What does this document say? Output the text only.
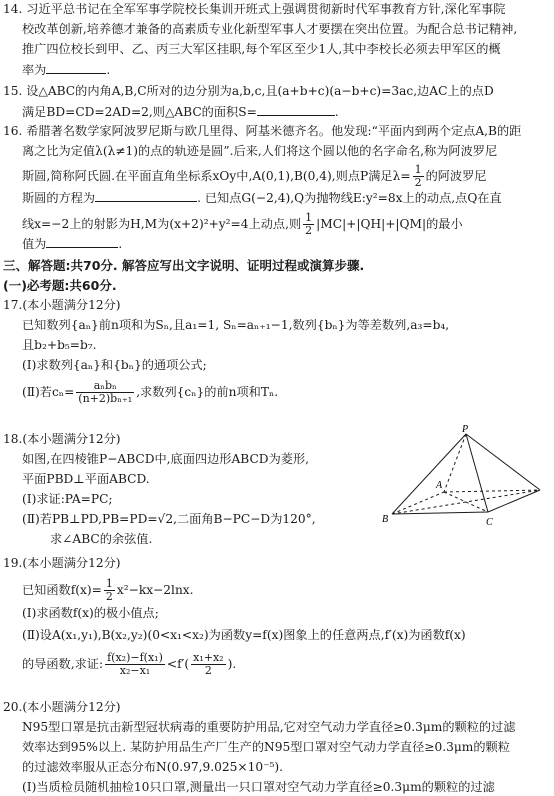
14. 习近平总书记在全军军事学院校长集训开班式上强调贯彻新时代军事教育方针,深化军事院
校改革创新,培养德才兼备的高素质专业化新型军事人才要摆在突出位置。为配合总书记精神,
推广四位校长到甲、乙、丙三大军区挂职,每个军区至少1人,其中李校长必须去甲军区的概
率为	.
15. 设△ABC的内角A,B,C所对的边分别为a,b,c,且(a+b+c)(a−b+c)=3ac,边AC上的点D
满足BD=CD=2AD=2,则△ABC的面积S=	.
16. 希腊著名数学家阿波罗尼斯与欧几里得、阿基米德齐名。他发现:“平面内到两个定点A,B的距
离之比为定值λ(λ≠1)的点的轨迹是圆”.后来,人们将这个圆以他的名字命名,称为阿波罗尼
斯圆,简称阿氏圆.在平面直角坐标系xOy中,A(0,1),B(0,4),则点P满足$\lambda= \frac{1}{2}$ 的阿波罗尼
斯圆的方程为	. 已知点G(−2,4),Q为抛物线E:y²=8x上的动点,点Q在直
线x=−2上的射影为H,M为(x+2)²+y²=4上动点,则 $\frac{1}{2} |MC|+|QH|+|QM|$的最小
值为	.
三、解答题:共70分. 解答应写出文字说明、证明过程或演算步骤.
(一)必考题:共60分.
17.(本小题满分12分)
已知数列{aₙ}前n项和为Sₙ,且a₁=1, Sₙ=aₙ₊₁−1,数列{bₙ}为等差数列,a₃=b₄,
且b₂+b₅=b₇.
(Ⅰ)求数列{aₙ}和{bₙ}的通项公式;
(Ⅱ)若$c_n= \frac{\text{aₙbₙ}}{\text{(n+2)bₙ₊₁}}$ ,求数列{cₙ}的前n项和Tₙ.
18.(本小题满分12分)
如图,在四棱锥P−ABCD中,底面四边形ABCD为菱形,
平面PBD⊥平面ABCD.
(Ⅰ)求证:PA=PC;
(Ⅱ)若PB⊥PD,PB=PD=√2,二面角B−PC−D为120°,
求∠ABC的余弦值.
P
A
B	C
19.(本小题满分12分)
已知函数$f(x)= \frac{1}{2} x^2-kx-2\ln x$.
(Ⅰ)求函数f(x)的极小值点;
(Ⅱ)设A(x₁,y₁),B(x₂,y₂)(0<x₁<x₂)为函数y=f(x)图象上的任意两点,f′(x)为函数f(x)
的导函数,求证: $\frac{\text{f(x₂)−f(x₁)}}{\text{x₂−x₁}} <f'( \frac{\text{x₁+x₂}}{2}$ ).
20.(本小题满分12分)
N95型口罩是抗击新型冠状病毒的重要防护用品,它对空气动力学直径≥0.3μm的颗粒的过滤
效率达到95%以上. 某防护用品生产厂生产的N95型口罩对空气动力学直径≥0.3μm的颗粒
的过滤效率服从正态分布N(0.97,9.025×10⁻⁵).
(Ⅰ)当质检员随机抽检10只口罩,测量出一只口罩对空气动力学直径≥0.3μm的颗粒的过滤
